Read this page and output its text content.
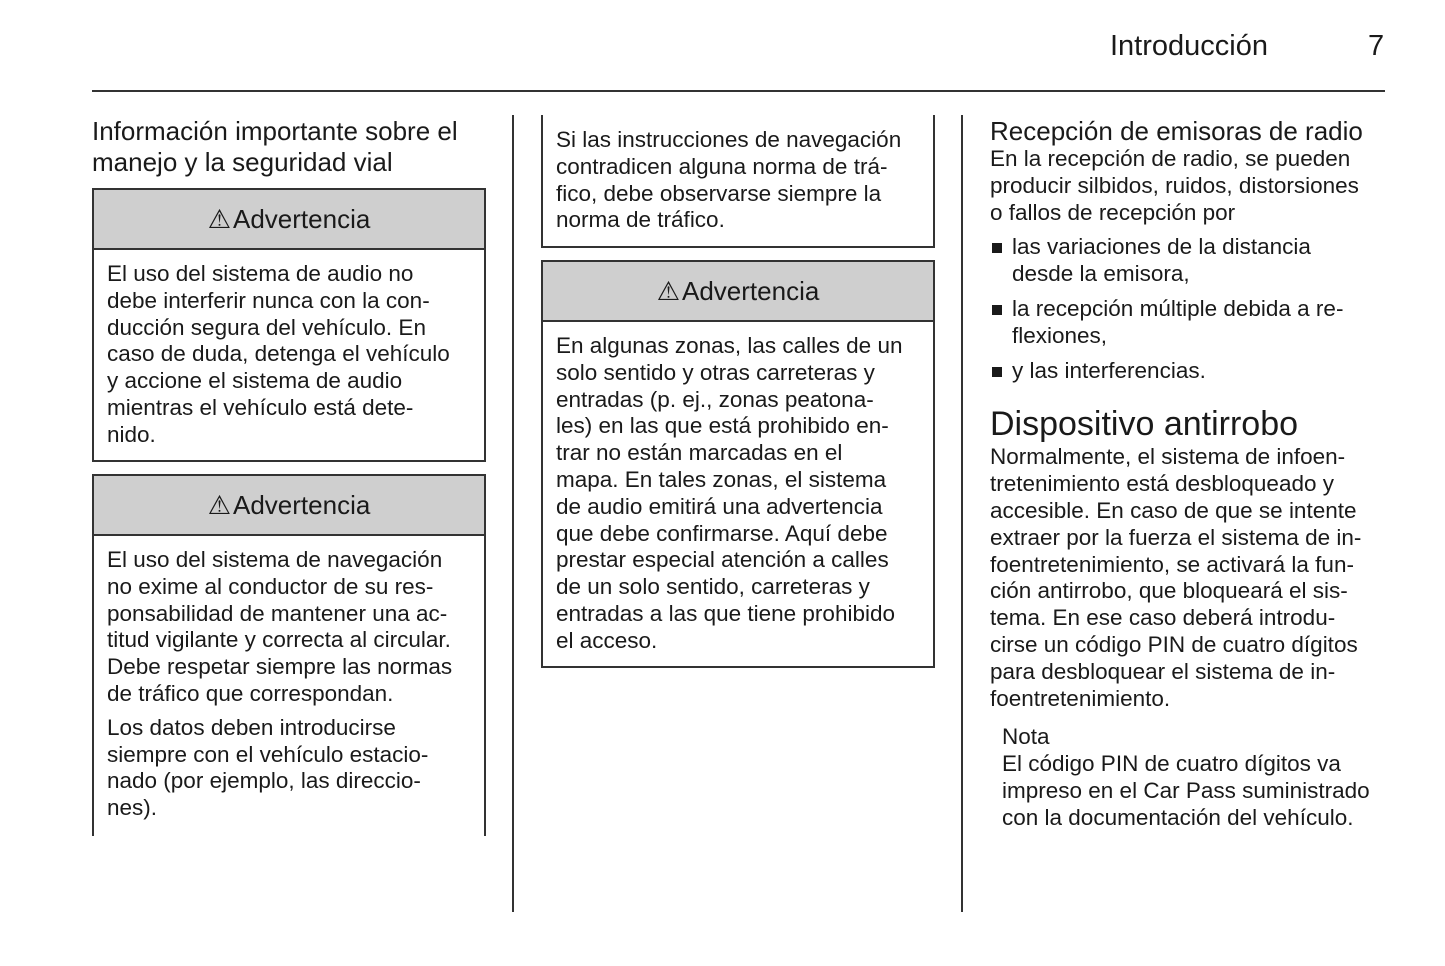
Introducción	7
Información importante sobre el
manejo y la seguridad vial
⚠ Advertencia
El uso del sistema de audio no
debe interferir nunca con la con-
ducción segura del vehículo. En
caso de duda, detenga el vehículo
y accione el sistema de audio
mientras el vehículo está dete-
nido.
⚠ Advertencia
El uso del sistema de navegación
no exime al conductor de su res-
ponsabilidad de mantener una ac-
titud vigilante y correcta al circular.
Debe respetar siempre las normas
de tráfico que correspondan.
Los datos deben introducirse
siempre con el vehículo estacio-
nado (por ejemplo, las direccio-
nes).
Si las instrucciones de navegación
contradicen alguna norma de trá-
fico, debe observarse siempre la
norma de tráfico.
⚠ Advertencia
En algunas zonas, las calles de un
solo sentido y otras carreteras y
entradas (p. ej., zonas peatona-
les) en las que está prohibido en-
trar no están marcadas en el
mapa. En tales zonas, el sistema
de audio emitirá una advertencia
que debe confirmarse. Aquí debe
prestar especial atención a calles
de un solo sentido, carreteras y
entradas a las que tiene prohibido
el acceso.
Recepción de emisoras de radio
En la recepción de radio, se pueden
producir silbidos, ruidos, distorsiones
o fallos de recepción por
las variaciones de la distancia
desde la emisora,
la recepción múltiple debida a re-
flexiones,
y las interferencias.
Dispositivo antirrobo
Normalmente, el sistema de infoen-
tretenimiento está desbloqueado y
accesible. En caso de que se intente
extraer por la fuerza el sistema de in-
foentretenimiento, se activará la fun-
ción antirrobo, que bloqueará el sis-
tema. En ese caso deberá introdu-
cirse un código PIN de cuatro dígitos
para desbloquear el sistema de in-
foentretenimiento.
Nota
El código PIN de cuatro dígitos va
impreso en el Car Pass suministrado
con la documentación del vehículo.
